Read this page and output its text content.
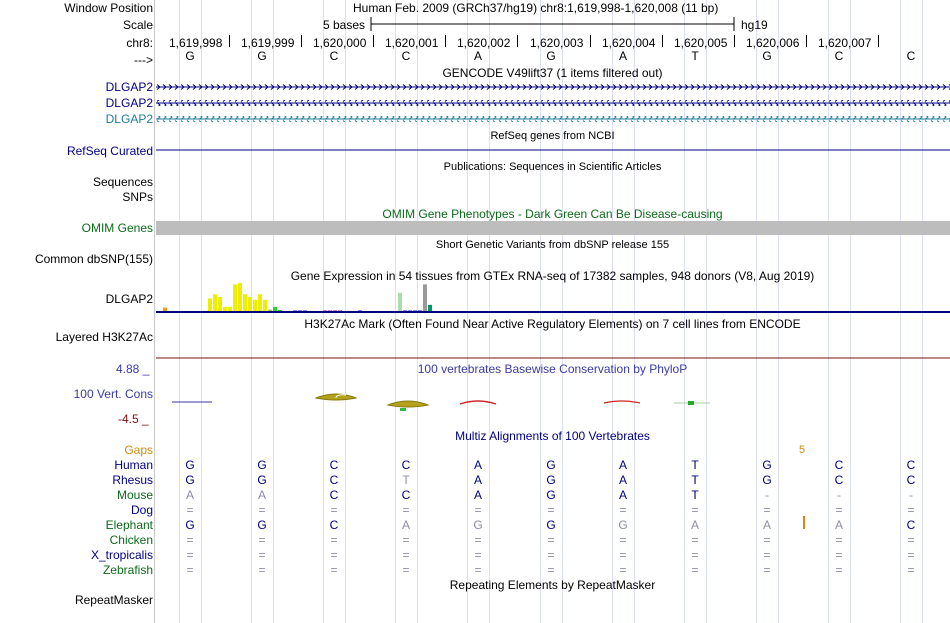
Window Position
Scale
chr8:
--->
Human Feb. 2009 (GRCh37/hg19) chr8:1,619,998-1,620,008 (11 bp)
5 bases	hg19
1,619,998 1,619,999 1,620,000 1,620,001 1,620,002 1,620,003 1,620,004 1,620,005 1,620,006 1,620,007
G	G	C	C	A	G	A	T	G	C	C
GENCODE V49lift37 (1 items filtered out)
DLGAP2
DLGAP2
DLGAP2
RefSeq genes from NCBI
RefSeq Curated
Publications: Sequences in Scientific Articles
Sequences
SNPs
OMIM Gene Phenotypes - Dark Green Can Be Disease-causing
OMIM Genes
Short Genetic Variants from dbSNP release 155
Common dbSNP(155)
Gene Expression in 54 tissues from GTEx RNA-seq of 17382 samples, 948 donors (V8, Aug 2019)
DLGAP2
H3K27Ac Mark (Often Found Near Active Regulatory Elements) on 7 cell lines from ENCODE
Layered H3K27Ac
100 vertebrates Basewise Conservation by PhyloP
4.88 _
100 Vert. Cons
-4.5 _
Multiz Alignments of 100 Vertebrates
Gaps	5
Human	G	G	C	C	A	G	A	T	G	C	C
Rhesus	G	G	C	T	A	G	A	T	G	C	C
Mouse	A	A	C	C	A	G	A	T	-	-	-
Dog	=	=	=	=	=	=	=	=	=	=	=
Elephant	G	G	C	A	G	G	G	A	A	A	C
Chicken	=	=	=	=	=	=	=	=	=	=	=
X_tropicalis	=	=	=	=	=	=	=	=	=	=	=
Zebrafish	=	=	=	=	=	=	=	=	=	=	=
Repeating Elements by RepeatMasker
RepeatMasker
